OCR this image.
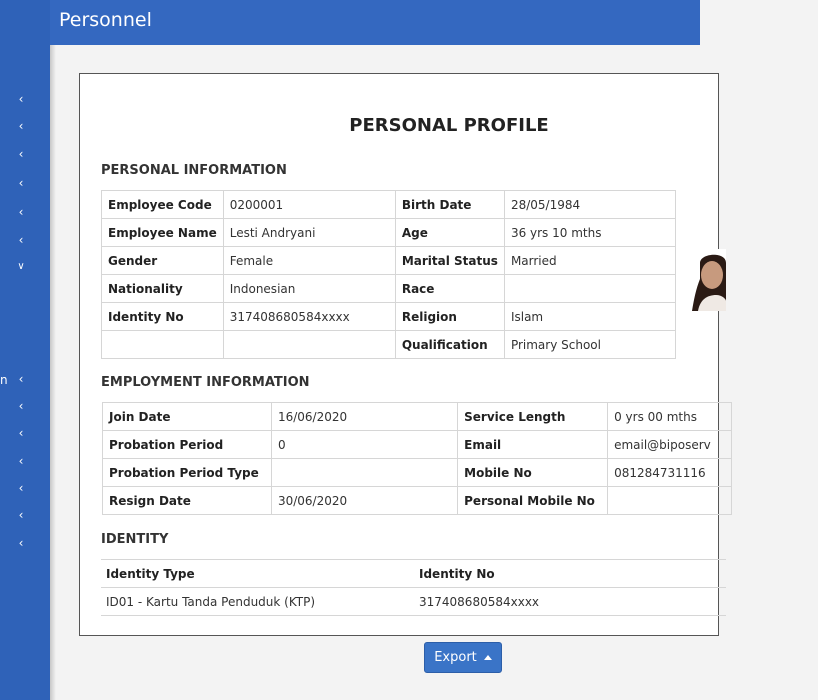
‹
‹
‹
‹
‹
‹
∨
n ‹
‹
‹
‹
‹
‹
‹
Personnel
PERSONAL PROFILE
PERSONAL INFORMATION
Employee Code	0200001	Birth Date	28/05/1984
Employee Name	Lesti Andryani	Age	36 yrs 10 mths
Gender	Female	Marital Status	Married
Nationality	Indonesian	Race	
Identity No	317408680584xxxx	Religion	Islam
		Qualification	Primary School
EMPLOYMENT INFORMATION
Join Date	16/06/2020	Service Length	0 yrs 00 mths
Probation Period	0	Email	email@biposerv
Probation Period Type		Mobile No	081284731116
Resign Date	30/06/2020	Personal Mobile No	
IDENTITY
Identity Type	Identity No
ID01 - Kartu Tanda Penduduk (KTP)	317408680584xxxx
Export
